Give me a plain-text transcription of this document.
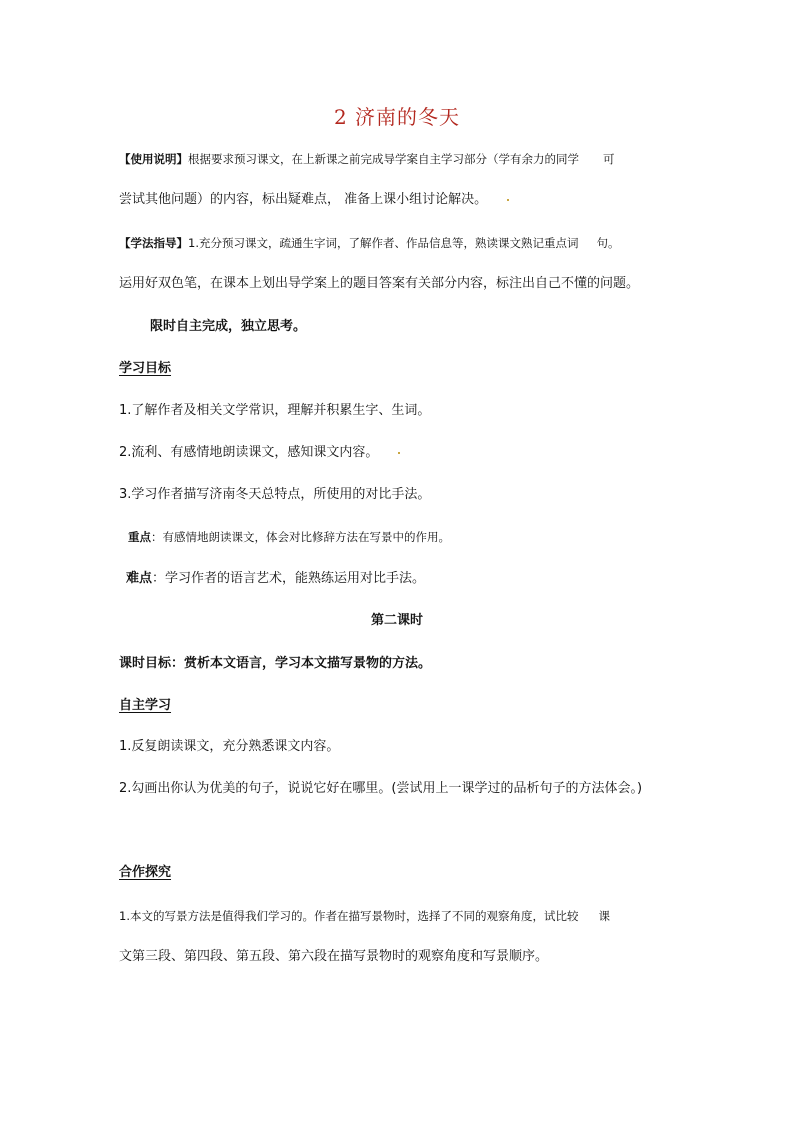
2 济南的冬天
【使用说明】根据要求预习课文，在上新课之前完成导学案自主学习部分（学有余力的同学 可
尝试其他问题）的内容，标出疑难点， 准备上课小组讨论解决。
【学法指导】1.充分预习课文，疏通生字词，了解作者、作品信息等，熟读课文熟记重点词 句。
运用好双色笔，在课本上划出导学案上的题目答案有关部分内容，标注出自己不懂的问题。
限时自主完成，独立思考。
学习目标
1.了解作者及相关文学常识，理解并积累生字、生词。
2.流利、有感情地朗读课文，感知课文内容。
3.学习作者描写济南冬天总特点，所使用的对比手法。
重点：有感情地朗读课文，体会对比修辞方法在写景中的作用。
难点：学习作者的语言艺术，能熟练运用对比手法。
第二课时
课时目标：赏析本文语言，学习本文描写景物的方法。
自主学习
1.反复朗读课文，充分熟悉课文内容。
2.勾画出你认为优美的句子，说说它好在哪里。(尝试用上一课学过的品析句子的方法体会。)
合作探究
1.本文的写景方法是值得我们学习的。作者在描写景物时，选择了不同的观察角度，试比较 课
文第三段、第四段、第五段、第六段在描写景物时的观察角度和写景顺序。
